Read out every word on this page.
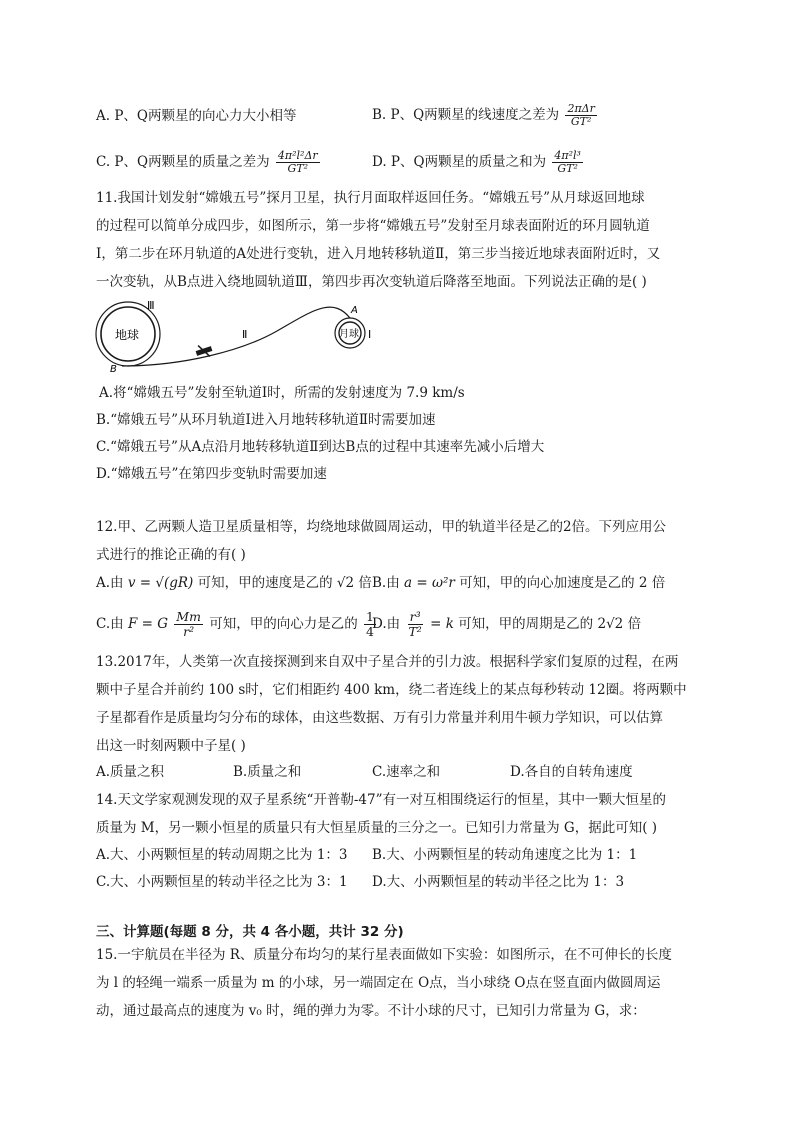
A. P、Q两颗星的向心力大小相等	B. P、Q两颗星的线速度之差为 $\frac{\text{2πΔr}}{\text{GT²}}$
C. P、Q两颗星的质量之差为 $\frac{\text{4π²l²Δr}}{\text{GT²}}$	D. P、Q两颗星的质量之和为 $\frac{\text{4π²l³}}{\text{GT²}}$
11.我国计划发射“嫦娥五号”探月卫星，执行月面取样返回任务。“嫦娥五号”从月球返回地球
的过程可以简单分成四步，如图所示，第一步将“嫦娥五号”发射至月球表面附近的环月圆轨道
Ⅰ，第二步在环月轨道的A处进行变轨，进入月地转移轨道Ⅱ，第三步当接近地球表面附近时，又
一次变轨，从B点进入绕地圆轨道Ⅲ，第四步再次变轨道后降落至地面。下列说法正确的是( )
地球
Ⅲ
B
Ⅱ	月球
A
Ⅰ
A.将“嫦娥五号”发射至轨道Ⅰ时，所需的发射速度为 7.9 km/s
B.“嫦娥五号”从环月轨道Ⅰ进入月地转移轨道Ⅱ时需要加速
C.“嫦娥五号”从A点沿月地转移轨道Ⅱ到达B点的过程中其速率先减小后增大
D.“嫦娥五号”在第四步变轨时需要加速
12.甲、乙两颗人造卫星质量相等，均绕地球做圆周运动，甲的轨道半径是乙的2倍。下列应用公
式进行的推论正确的有( )
A.由 v = √(gR) 可知，甲的速度是乙的 √2 倍 B.由 a = ω²r 可知，甲的向心加速度是乙的 2 倍
C.由 F = G $\frac{Mm}{\text{r²}}$ 可知，甲的向心力是乙的 $\frac{1}{4}$
D.由 $\frac{\text{r³}}{\text{T²}} = k$ 可知，甲的周期是乙的 2√2 倍
13.2017年，人类第一次直接探测到来自双中子星合并的引力波。根据科学家们复原的过程，在两
颗中子星合并前约 100 s时，它们相距约 400 km，绕二者连线上的某点每秒转动 12圈。将两颗中
子星都看作是质量均匀分布的球体，由这些数据、万有引力常量并利用牛顿力学知识，可以估算
出这一时刻两颗中子星( )
A.质量之积	B.质量之和	C.速率之和	D.各自的自转角速度
14.天文学家观测发现的双子星系统“开普勒-47”有一对互相围绕运行的恒星，其中一颗大恒星的
质量为 M，另一颗小恒星的质量只有大恒星质量的三分之一。已知引力常量为 G，据此可知( )
A.大、小两颗恒星的转动周期之比为 1：3 B.大、小两颗恒星的转动角速度之比为 1：1
C.大、小两颗恒星的转动半径之比为 3：1 D.大、小两颗恒星的转动半径之比为 1：3
三、计算题(每题 8 分，共 4 各小题，共计 32 分)
15.一宇航员在半径为 R、质量分布均匀的某行星表面做如下实验：如图所示，在不可伸长的长度
为 l 的轻绳一端系一质量为 m 的小球，另一端固定在 O点，当小球绕 O点在竖直面内做圆周运
动，通过最高点的速度为 v₀ 时，绳的弹力为零。不计小球的尺寸，已知引力常量为 G，求：
